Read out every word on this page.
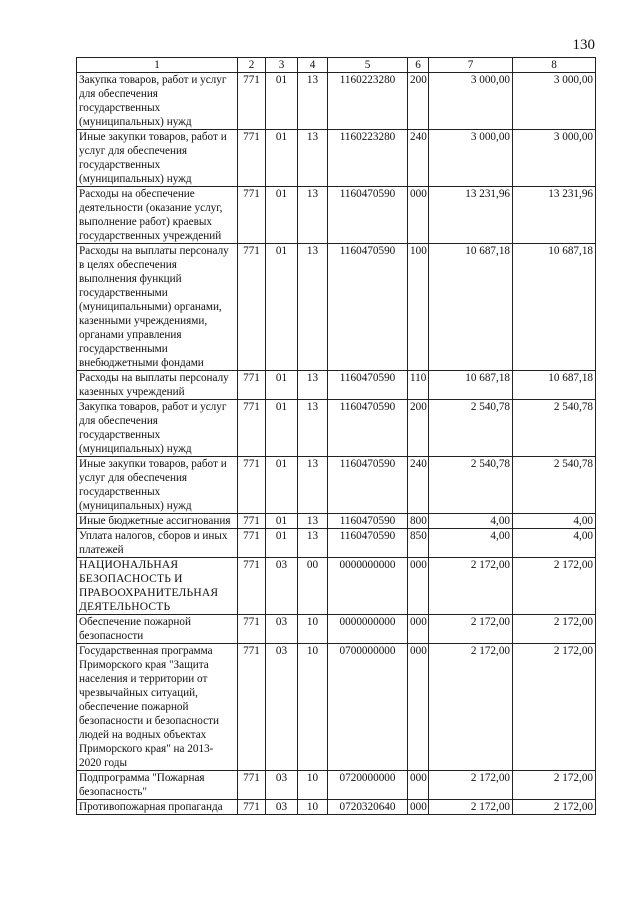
130
1	2	3	4	5	6	7	8
Закупка товаров, работ и услуг для обеспечения государственных (муниципальных) нужд	771	01	13	1160223280	200	3 000,00	3 000,00
Иные закупки товаров, работ и услуг для обеспечения государственных (муниципальных) нужд	771	01	13	1160223280	240	3 000,00	3 000,00
Расходы на обеспечение деятельности (оказание услуг, выполнение работ) краевых государственных учреждений	771	01	13	1160470590	000	13 231,96	13 231,96
Расходы на выплаты персоналу в целях обеспечения выполнения функций государственными (муниципальными) органами, казенными учреждениями, органами управления государственными внебюджетными фондами	771	01	13	1160470590	100	10 687,18	10 687,18
Расходы на выплаты персоналу казенных учреждений	771	01	13	1160470590	110	10 687,18	10 687,18
Закупка товаров, работ и услуг для обеспечения государственных (муниципальных) нужд	771	01	13	1160470590	200	2 540,78	2 540,78
Иные закупки товаров, работ и услуг для обеспечения государственных (муниципальных) нужд	771	01	13	1160470590	240	2 540,78	2 540,78
Иные бюджетные ассигнования	771	01	13	1160470590	800	4,00	4,00
Уплата налогов, сборов и иных платежей	771	01	13	1160470590	850	4,00	4,00
НАЦИОНАЛЬНАЯ БЕЗОПАСНОСТЬ И ПРАВООХРАНИТЕЛЬНАЯ ДЕЯТЕЛЬНОСТЬ	771	03	00	0000000000	000	2 172,00	2 172,00
Обеспечение пожарной безопасности	771	03	10	0000000000	000	2 172,00	2 172,00
Государственная программа Приморского края "Защита населения и территории от чрезвычайных ситуаций, обеспечение пожарной безопасности и безопасности людей на водных объектах Приморского края" на 2013-2020 годы	771	03	10	0700000000	000	2 172,00	2 172,00
Подпрограмма "Пожарная безопасность"	771	03	10	0720000000	000	2 172,00	2 172,00
Противопожарная пропаганда	771	03	10	0720320640	000	2 172,00	2 172,00
